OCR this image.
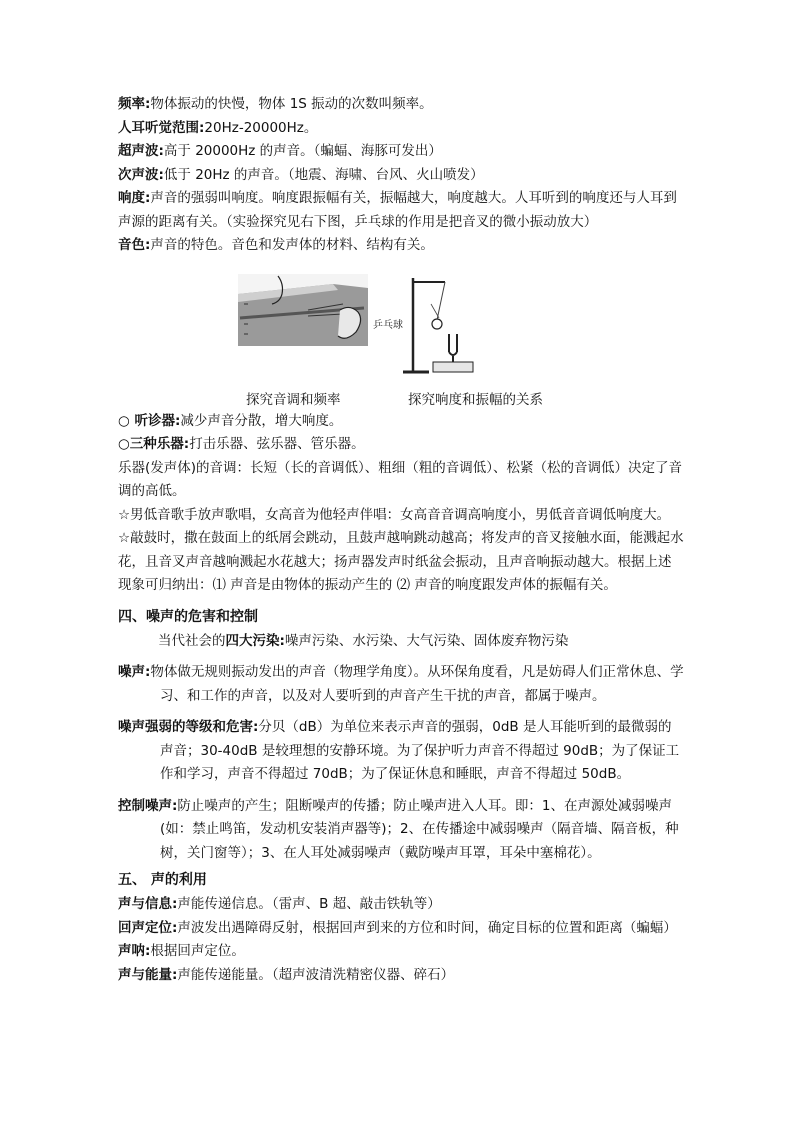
频率:物体振动的快慢，物体 1S 振动的次数叫频率。
人耳听觉范围:20Hz-20000Hz。
超声波:高于 20000Hz 的声音。（蝙蝠、海豚可发出）
次声波:低于 20Hz 的声音。（地震、海啸、台风、火山喷发）
响度:声音的强弱叫响度。响度跟振幅有关，振幅越大，响度越大。人耳听到的响度还与人耳到声源的距离有关。（实验探究见右下图，乒乓球的作用是把音叉的微小振动放大）
音色:声音的特色。音色和发声体的材料、结构有关。
乒乓球
探究音调和频率	探究响度和振幅的关系
○ 听诊器:减少声音分散，增大响度。
○三种乐器:打击乐器、弦乐器、管乐器。
乐器(发声体)的音调：长短（长的音调低）、粗细（粗的音调低）、松紧（松的音调低）决定了音调的高低。
☆男低音歌手放声歌唱，女高音为他轻声伴唱：女高音音调高响度小，男低音音调低响度大。
☆敲鼓时，撒在鼓面上的纸屑会跳动，且鼓声越响跳动越高；将发声的音叉接触水面，能溅起水花，且音叉声音越响溅起水花越大；扬声器发声时纸盆会振动，且声音响振动越大。根据上述现象可归纳出：⑴ 声音是由物体的振动产生的 ⑵ 声音的响度跟发声体的振幅有关。
四、噪声的危害和控制
当代社会的四大污染:噪声污染、水污染、大气污染、固体废弃物污染
噪声:物体做无规则振动发出的声音（物理学角度）。从环保角度看，凡是妨碍人们正常休息、学习、和工作的声音，以及对人要听到的声音产生干扰的声音，都属于噪声。
噪声强弱的等级和危害:分贝（dB）为单位来表示声音的强弱，0dB 是人耳能听到的最微弱的声音；30-40dB 是较理想的安静环境。为了保护听力声音不得超过 90dB；为了保证工作和学习，声音不得超过 70dB；为了保证休息和睡眠，声音不得超过 50dB。
控制噪声:防止噪声的产生；阻断噪声的传播；防止噪声进入人耳。即：1、在声源处减弱噪声(如：禁止鸣笛，发动机安装消声器等)；2、在传播途中减弱噪声（隔音墙、隔音板，种树，关门窗等）；3、在人耳处减弱噪声（戴防噪声耳罩，耳朵中塞棉花）。
五、 声的利用
声与信息:声能传递信息。（雷声、B 超、敲击铁轨等）
回声定位:声波发出遇障碍反射，根据回声到来的方位和时间，确定目标的位置和距离（蝙蝠）
声呐:根据回声定位。
声与能量:声能传递能量。（超声波清洗精密仪器、碎石）
